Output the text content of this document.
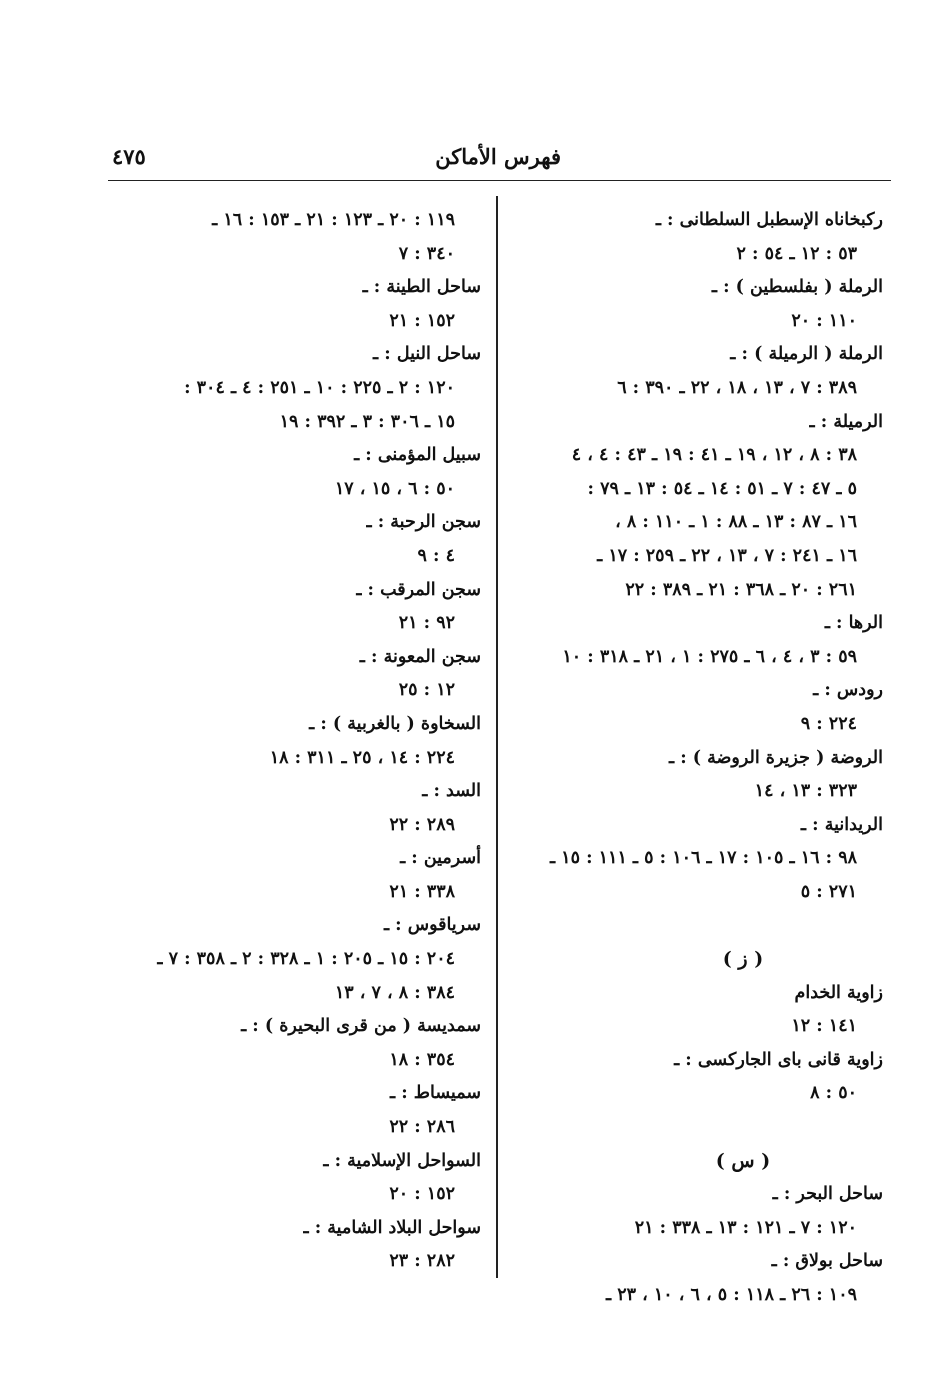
فهرس الأماكن
٤٧٥
ركبخاناه الإسطبل السلطانى : ـ
٥٣ : ١٢ ـ ٥٤ : ٢
الرملة ( بفلسطين ) : ـ
١١٠ : ٢٠
الرملة ( الرميلة ) : ـ
٣٨٩ : ٧ ، ١٣ ، ١٨ ، ٢٢ ـ ٣٩٠ : ٦
الرميلة : ـ
٣٨ : ٨ ، ١٢ ، ١٩ ـ ٤١ : ١٩ ـ ٤٣ : ٤ ، ٤
٥ ـ ٤٧ : ٧ ـ ٥١ : ١٤ ـ ٥٤ : ١٣ ـ ٧٩ :
١٦ ـ ٨٧ : ١٣ ـ ٨٨ : ١ ـ ١١٠ : ٨ ،
١٦ ـ ٢٤١ : ٧ ، ١٣ ، ٢٢ ـ ٢٥٩ : ١٧ ـ
٢٦١ : ٢٠ ـ ٣٦٨ : ٢١ ـ ٣٨٩ : ٢٢
الرها : ـ
٥٩ : ٣ ، ٤ ، ٦ ـ ٢٧٥ : ١ ، ٢١ ـ ٣١٨ : ١٠
رودس : ـ
٢٢٤ : ٩
الروضة ( جزيرة الروضة ) : ـ
٣٢٣ : ١٣ ، ١٤
الريدانية : ـ
٩٨ : ١٦ ـ ١٠٥ : ١٧ ـ ١٠٦ : ٥ ـ ١١١ : ١٥ ـ
٢٧١ : ٥
( ز )
زاوية الخدام
١٤١ : ١٢
زاوية قانى باى الجاركسى : ـ
٥٠ : ٨
( س )
ساحل البحر : ـ
١٢٠ : ٧ ـ ١٢١ : ١٣ ـ ٣٣٨ : ٢١
ساحل بولاق : ـ
١٠٩ : ٢٦ ـ ١١٨ : ٥ ، ٦ ، ١٠ ، ٢٣ ـ
١١٩ : ٢٠ ـ ١٢٣ : ٢١ ـ ١٥٣ : ١٦ ـ
٣٤٠ : ٧
ساحل الطينة : ـ
١٥٢ : ٢١
ساحل النيل : ـ
١٢٠ : ٢ ـ ٢٢٥ : ١٠ ـ ٢٥١ : ٤ ـ ٣٠٤ :
١٥ ـ ٣٠٦ : ٣ ـ ٣٩٢ : ١٩
سبيل المؤمنى : ـ
٥٠ : ٦ ، ١٥ ، ١٧
سجن الرحبة : ـ
٤ : ٩
سجن المرقب : ـ
٩٢ : ٢١
سجن المعونة : ـ
١٢ : ٢٥
السخاوة ( بالغربية ) : ـ
٢٢٤ : ١٤ ، ٢٥ ـ ٣١١ : ١٨
السد : ـ
٢٨٩ : ٢٢
أسرمين : ـ
٣٣٨ : ٢١
سرياقوس : ـ
٢٠٤ : ١٥ ـ ٢٠٥ : ١ ـ ٣٢٨ : ٢ ـ ٣٥٨ : ٧ ـ
٣٨٤ : ٨ ، ٧ ، ١٣
سمديسة ( من قرى البحيرة ) : ـ
٣٥٤ : ١٨
سميساط : ـ
٢٨٦ : ٢٢
السواحل الإسلامية : ـ
١٥٢ : ٢٠
سواحل البلاد الشامية : ـ
٢٨٢ : ٢٣
